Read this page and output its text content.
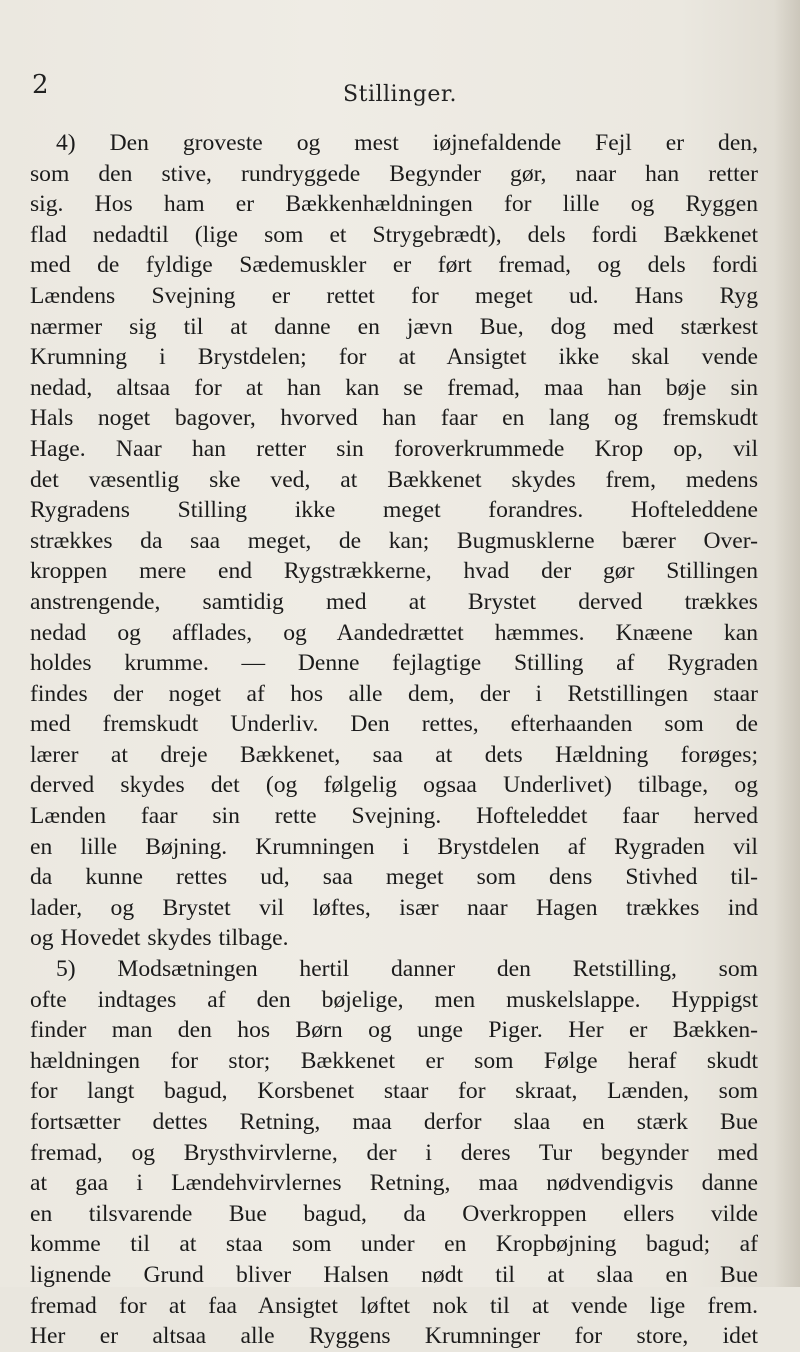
2	Stillinger.
4) Den groveste og mest iøjnefaldende Fejl er den,
som den stive, rundryggede Begynder gør, naar han retter
sig. Hos ham er Bækkenhældningen for lille og Ryggen
flad nedadtil (lige som et Strygebrædt), dels fordi Bækkenet
med de fyldige Sædemuskler er ført fremad, og dels fordi
Lændens Svejning er rettet for meget ud. Hans Ryg
nærmer sig til at danne en jævn Bue, dog med stærkest
Krumning i Brystdelen; for at Ansigtet ikke skal vende
nedad, altsaa for at han kan se fremad, maa han bøje sin
Hals noget bagover, hvorved han faar en lang og fremskudt
Hage. Naar han retter sin foroverkrummede Krop op, vil
det væsentlig ske ved, at Bækkenet skydes frem, medens
Rygradens Stilling ikke meget forandres. Hofteleddene
strækkes da saa meget, de kan; Bugmusklerne bærer Over-
kroppen mere end Rygstrækkerne, hvad der gør Stillingen
anstrengende, samtidig med at Brystet derved trækkes
nedad og afflades, og Aandedrættet hæmmes. Knæene kan
holdes krumme. — Denne fejlagtige Stilling af Rygraden
findes der noget af hos alle dem, der i Retstillingen staar
med fremskudt Underliv. Den rettes, efterhaanden som de
lærer at dreje Bækkenet, saa at dets Hældning forøges;
derved skydes det (og følgelig ogsaa Underlivet) tilbage, og
Lænden faar sin rette Svejning. Hofteleddet faar herved
en lille Bøjning. Krumningen i Brystdelen af Rygraden vil
da kunne rettes ud, saa meget som dens Stivhed til-
lader, og Brystet vil løftes, især naar Hagen trækkes ind
og Hovedet skydes tilbage.
5) Modsætningen hertil danner den Retstilling, som
ofte indtages af den bøjelige, men muskelslappe. Hyppigst
finder man den hos Børn og unge Piger. Her er Bækken-
hældningen for stor; Bækkenet er som Følge heraf skudt
for langt bagud, Korsbenet staar for skraat, Lænden, som
fortsætter dettes Retning, maa derfor slaa en stærk Bue
fremad, og Brysthvirvlerne, der i deres Tur begynder med
at gaa i Lændehvirvlernes Retning, maa nødvendigvis danne
en tilsvarende Bue bagud, da Overkroppen ellers vilde
komme til at staa som under en Kropbøjning bagud; af
lignende Grund bliver Halsen nødt til at slaa en Bue
fremad for at faa Ansigtet løftet nok til at vende lige frem.
Her er altsaa alle Ryggens Krumninger for store, idet
